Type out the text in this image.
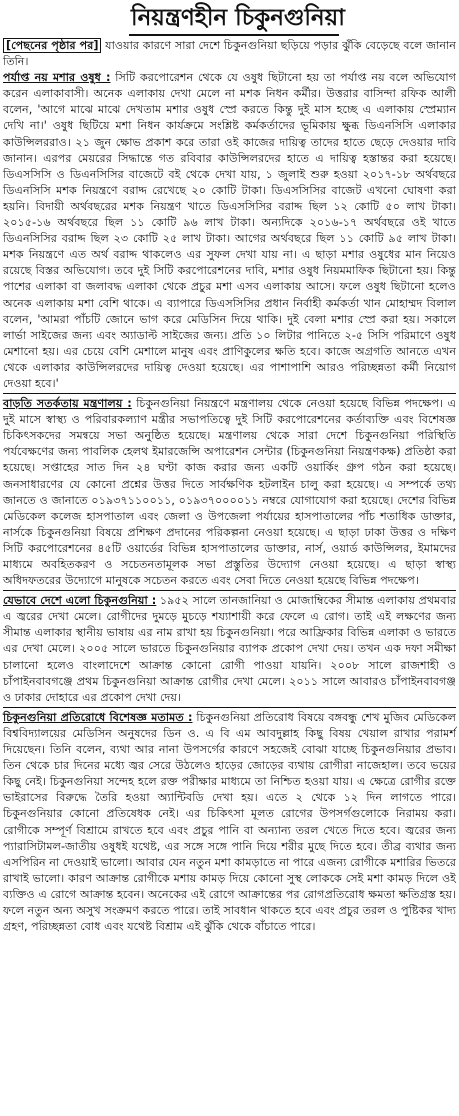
নিয়ন্ত্রণহীন চিকুনগুনিয়া

[পেছনের পৃষ্ঠার পর] যাওয়ার কারণে সারা দেশে চিকুনগুনিয়া ছড়িয়ে পড়ার ঝুঁকি বেড়েছে বলে জানান তিনি।

পর্যাপ্ত নয় মশার ওষুধ : সিটি করপোরেশন থেকে যে ওষুধ ছিটানো হয় তা পর্যাপ্ত নয় বলে অভিযোগ করেন এলাকাবাসী। অনেক এলাকায় দেখা মেলে না মশক নিধন কর্মীর। উত্তরার বাসিন্দা রফিক আলী বলেন, 'আগে মাঝে মাঝে দেখতাম মশার ওষুধ স্প্রে করতে কিন্তু দুই মাস হচ্ছে এ এলাকায় স্প্রেম্যান দেখি না।' ওষুধ ছিটিয়ে মশা নিধন কার্যক্রমে সংশ্লিষ্ট কর্মকর্তাদের ভূমিকায় ক্ষুব্ধ ডিএনসিসি এলাকার কাউন্সিলররাও। ২১ জুন ক্ষোভ প্রকাশ করে তারা ওই কাজের দায়িত্ব তাদের হাতে ছেড়ে দেওয়ার দাবি জানান। এরপর মেয়রের সিদ্ধান্তে গত রবিবার কাউন্সিলরদের হাতে এ দায়িত্ব হস্তান্তর করা হয়েছে। ডিএসসিসি ও ডিএনসিসির বাজেটে বই থেকে দেখা যায়, ১ জুলাই শুরু হওয়া ২০১৭-১৮ অর্থবছরে ডিএনসিসি মশক নিয়ন্ত্রণে বরাদ্দ রেখেছে ২০ কোটি টাকা। ডিএসসিসির বাজেট এখনো ঘোষণা করা হয়নি। বিদায়ী অর্থবছরের মশক নিয়ন্ত্রণ খাতে ডিএসসিসির বরাদ্দ ছিল ১২ কোটি ৫০ লাখ টাকা। ২০১৫-১৬ অর্থবছরে ছিল ১১ কোটি ৯৬ লাখ টাকা। অন্যদিকে ২০১৬-১৭ অর্থবছরে ওই খাতে ডিএনসিসির বরাদ্দ ছিল ২৩ কোটি ২৫ লাখ টাকা। আগের অর্থবছরে ছিল ১১ কোটি ৯৫ লাখ টাকা। মশক নিয়ন্ত্রণে এত অর্থ বরাদ্দ থাকলেও এর সুফল দেখা যায় না। এ ছাড়া মশার ওষুধের মান নিয়েও রয়েছে বিস্তর অভিযোগ। তবে দুই সিটি করপোরেশনের দাবি, মশার ওষুধ নিয়মমাফিক ছিটানো হয়। কিন্তু পাশের এলাকা বা জলাবদ্ধ এলাকা থেকে প্রচুর মশা এসব এলাকায় আসে। ফলে ওষুধ ছিটানো হলেও অনেক এলাকায় মশা বেশি থাকে। এ ব্যাপারে ডিএসসিসির প্রধান নির্বাহী কর্মকর্তা খান মোহাম্মদ বিলাল বলেন, 'আমরা পাঁচটি জোনে ভাগ করে মেডিসিন দিয়ে থাকি। দুই বেলা মশার স্প্রে করা হয়। সকালে লার্ভা সাইজের জন্য এবং অ্যাডাল্ট সাইজের জন্য। প্রতি ১০ লিটার পানিতে ২-৫ সিসি পরিমাণে ওষুধ মেশানো হয়। এর চেয়ে বেশি মেশালে মানুষ এবং প্রাণিকুলের ক্ষতি হবে। কাজে অগ্রগতি আনতে এখন থেকে এলাকার কাউন্সিলরদের দায়িত্ব দেওয়া হয়েছে। এর পাশাপাশি আরও পরিচ্ছন্নতা কর্মী নিয়োগ দেওয়া হবে।'

বাড়তি সতর্কতায় মন্ত্রণালয় : চিকুনগুনিয়া নিয়ন্ত্রণে মন্ত্রণালয় থেকে নেওয়া হয়েছে বিভিন্ন পদক্ষেপ। এ দুই মাসে স্বাস্থ্য ও পরিবারকল্যাণ মন্ত্রীর সভাপতিত্বে দুই সিটি করপোরেশনের কর্তাব্যক্তি এবং বিশেষজ্ঞ চিকিৎসকদের সমন্বয়ে সভা অনুষ্ঠিত হয়েছে। মন্ত্রণালয় থেকে সারা দেশে চিকুনগুনিয়া পরিস্থিতি পর্যবেক্ষণের জন্য পাবলিক হেলথ ইমারজেন্সি অপারেশন সেন্টার (চিকুনগুনিয়া নিয়ন্ত্রণকক্ষ) প্রতিষ্ঠা করা হয়েছে। সপ্তাহের সাত দিন ২৪ ঘণ্টা কাজ করার জন্য একটি ওয়ার্কিং গ্রুপ গঠন করা হয়েছে। জনসাধারণের যে কোনো প্রশ্নের উত্তর দিতে সার্বক্ষণিক হটলাইন চালু করা হয়েছে। এ সম্পর্কে তথ্য জানতে ও জানাতে ০১৯৩৭১১০০১১, ০১৯৩৭০০০০১১ নম্বরে যোগাযোগ করা হয়েছে। দেশের বিভিন্ন মেডিকেল কলেজ হাসপাতাল এবং জেলা ও উপজেলা পর্যায়ের হাসপাতালের পাঁচ শতাধিক ডাক্তার, নার্সকে চিকুনগুনিয়া বিষয়ে প্রশিক্ষণ প্রদানের পরিকল্পনা নেওয়া হয়েছে। এ ছাড়া ঢাকা উত্তর ও দক্ষিণ সিটি করপোরেশনের ৪৫টি ওয়ার্ডের বিভিন্ন হাসপাতালের ডাক্তার, নার্স, ওয়ার্ড কাউন্সিলর, ইমামদের মাধ্যমে অবহিতকরণ ও সচেতনতামূলক সভা প্রস্তুতির উদ্যোগ নেওয়া হয়েছে। এ ছাড়া স্বাস্থ্য অধিদফতরের উদ্যোগে মানুষকে সচেতন করতে এবং সেবা দিতে নেওয়া হয়েছে বিভিন্ন পদক্ষেপ।

যেভাবে দেশে এলো চিকুনগুনিয়া : ১৯৫২ সালে তানজানিয়া ও মোজাম্বিকের সীমান্ত এলাকায় প্রথমবার এ জ্বরের দেখা মেলে। রোগীদের দুমড়ে মুচড়ে শয্যাশায়ী করে ফেলে এ রোগ। তাই এই লক্ষণের জন্য সীমান্ত এলাকার স্থানীয় ভাষায় এর নাম রাখা হয় চিকুনগুনিয়া। পরে আফ্রিকার বিভিন্ন এলাকা ও ভারতে এর দেখা মেলে। ২০০৫ সালে ভারতে চিকুনগুনিয়ার ব্যাপক প্রকোপ দেখা দেয়। তখন এক দফা সমীক্ষা চালানো হলেও বাংলাদেশে আক্রান্ত কোনো রোগী পাওয়া যায়নি। ২০০৮ সালে রাজশাহী ও চাঁপাইনবাবগঞ্জে প্রথম চিকুনগুনিয়া আক্রান্ত রোগীর দেখা মেলে। ২০১১ সালে আবারও চাঁপাইনবাবগঞ্জ ও ঢাকার দোহারে এর প্রকোপ দেখা দেয়।

চিকুনগুনিয়া প্রতিরোধে বিশেষজ্ঞ মতামত : চিকুনগুনিয়া প্রতিরোধ বিষয়ে বঙ্গবন্ধু শেখ মুজিব মেডিকেল বিশ্ববিদ্যালয়ের মেডিসিন অনুষদের ডিন ও. এ বি এম আবদুল্লাহ কিছু বিষয় খেয়াল রাখার পরামর্শ দিয়েছেন। তিনি বলেন, ব্যথা আর নানা উপসর্গের কারণে সহজেই বোঝা যাচ্ছে চিকুনগুনিয়ার প্রভাব। তিন থেকে চার দিনের মধ্যে জ্বর সেরে উঠলেও হাড়ের জোড়ের ব্যথায় রোগীরা নাজেহাল। তবে ভয়ের কিছু নেই। চিকুনগুনিয়া সন্দেহ হলে রক্ত পরীক্ষার মাধ্যমে তা নিশ্চিত হওয়া যায়। এ ক্ষেত্রে রোগীর রক্তে ভাইরাসের বিরুদ্ধে তৈরি হওয়া অ্যান্টিবডি দেখা হয়। এতে ২ থেকে ১২ দিন লাগতে পারে। চিকুনগুনিয়ার কোনো প্রতিষেধক নেই। এর চিকিৎসা মূলত রোগের উপসর্গগুলোকে নিরাময় করা। রোগীকে সম্পূর্ণ বিশ্রামে রাখতে হবে এবং প্রচুর পানি বা অন্যান্য তরল খেতে দিতে হবে। জ্বরের জন্য প্যারাসিটামল-জাতীয় ওষুধই যথেষ্ট, এর সঙ্গে সঙ্গে পানি দিয়ে শরীর মুছে দিতে হবে। তীব্র ব্যথার জন্য এসপিরিন না দেওয়াই ভালো। আবার যেন নতুন মশা কামড়াতে না পারে এজন্য রোগীকে মশারির ভিতরে রাখাই ভালো। কারণ আক্রান্ত রোগীকে মশায় কামড় দিয়ে কোনো সুস্থ লোককে সেই মশা কামড় দিলে ওই ব্যক্তিও এ রোগে আক্রান্ত হবেন। অনেকের এই রোগে আক্রান্তের পর রোগপ্রতিরোধ ক্ষমতা ক্ষতিগ্রস্ত হয়। ফলে নতুন অন্য অসুখ সংক্রমণ করতে পারে। তাই সাবধান থাকতে হবে এবং প্রচুর তরল ও পুষ্টিকর খাদ্য গ্রহণ, পরিচ্ছন্নতা বোধ এবং যথেষ্ট বিশ্রাম এই ঝুঁকি থেকে বাঁচাতে পারে।
